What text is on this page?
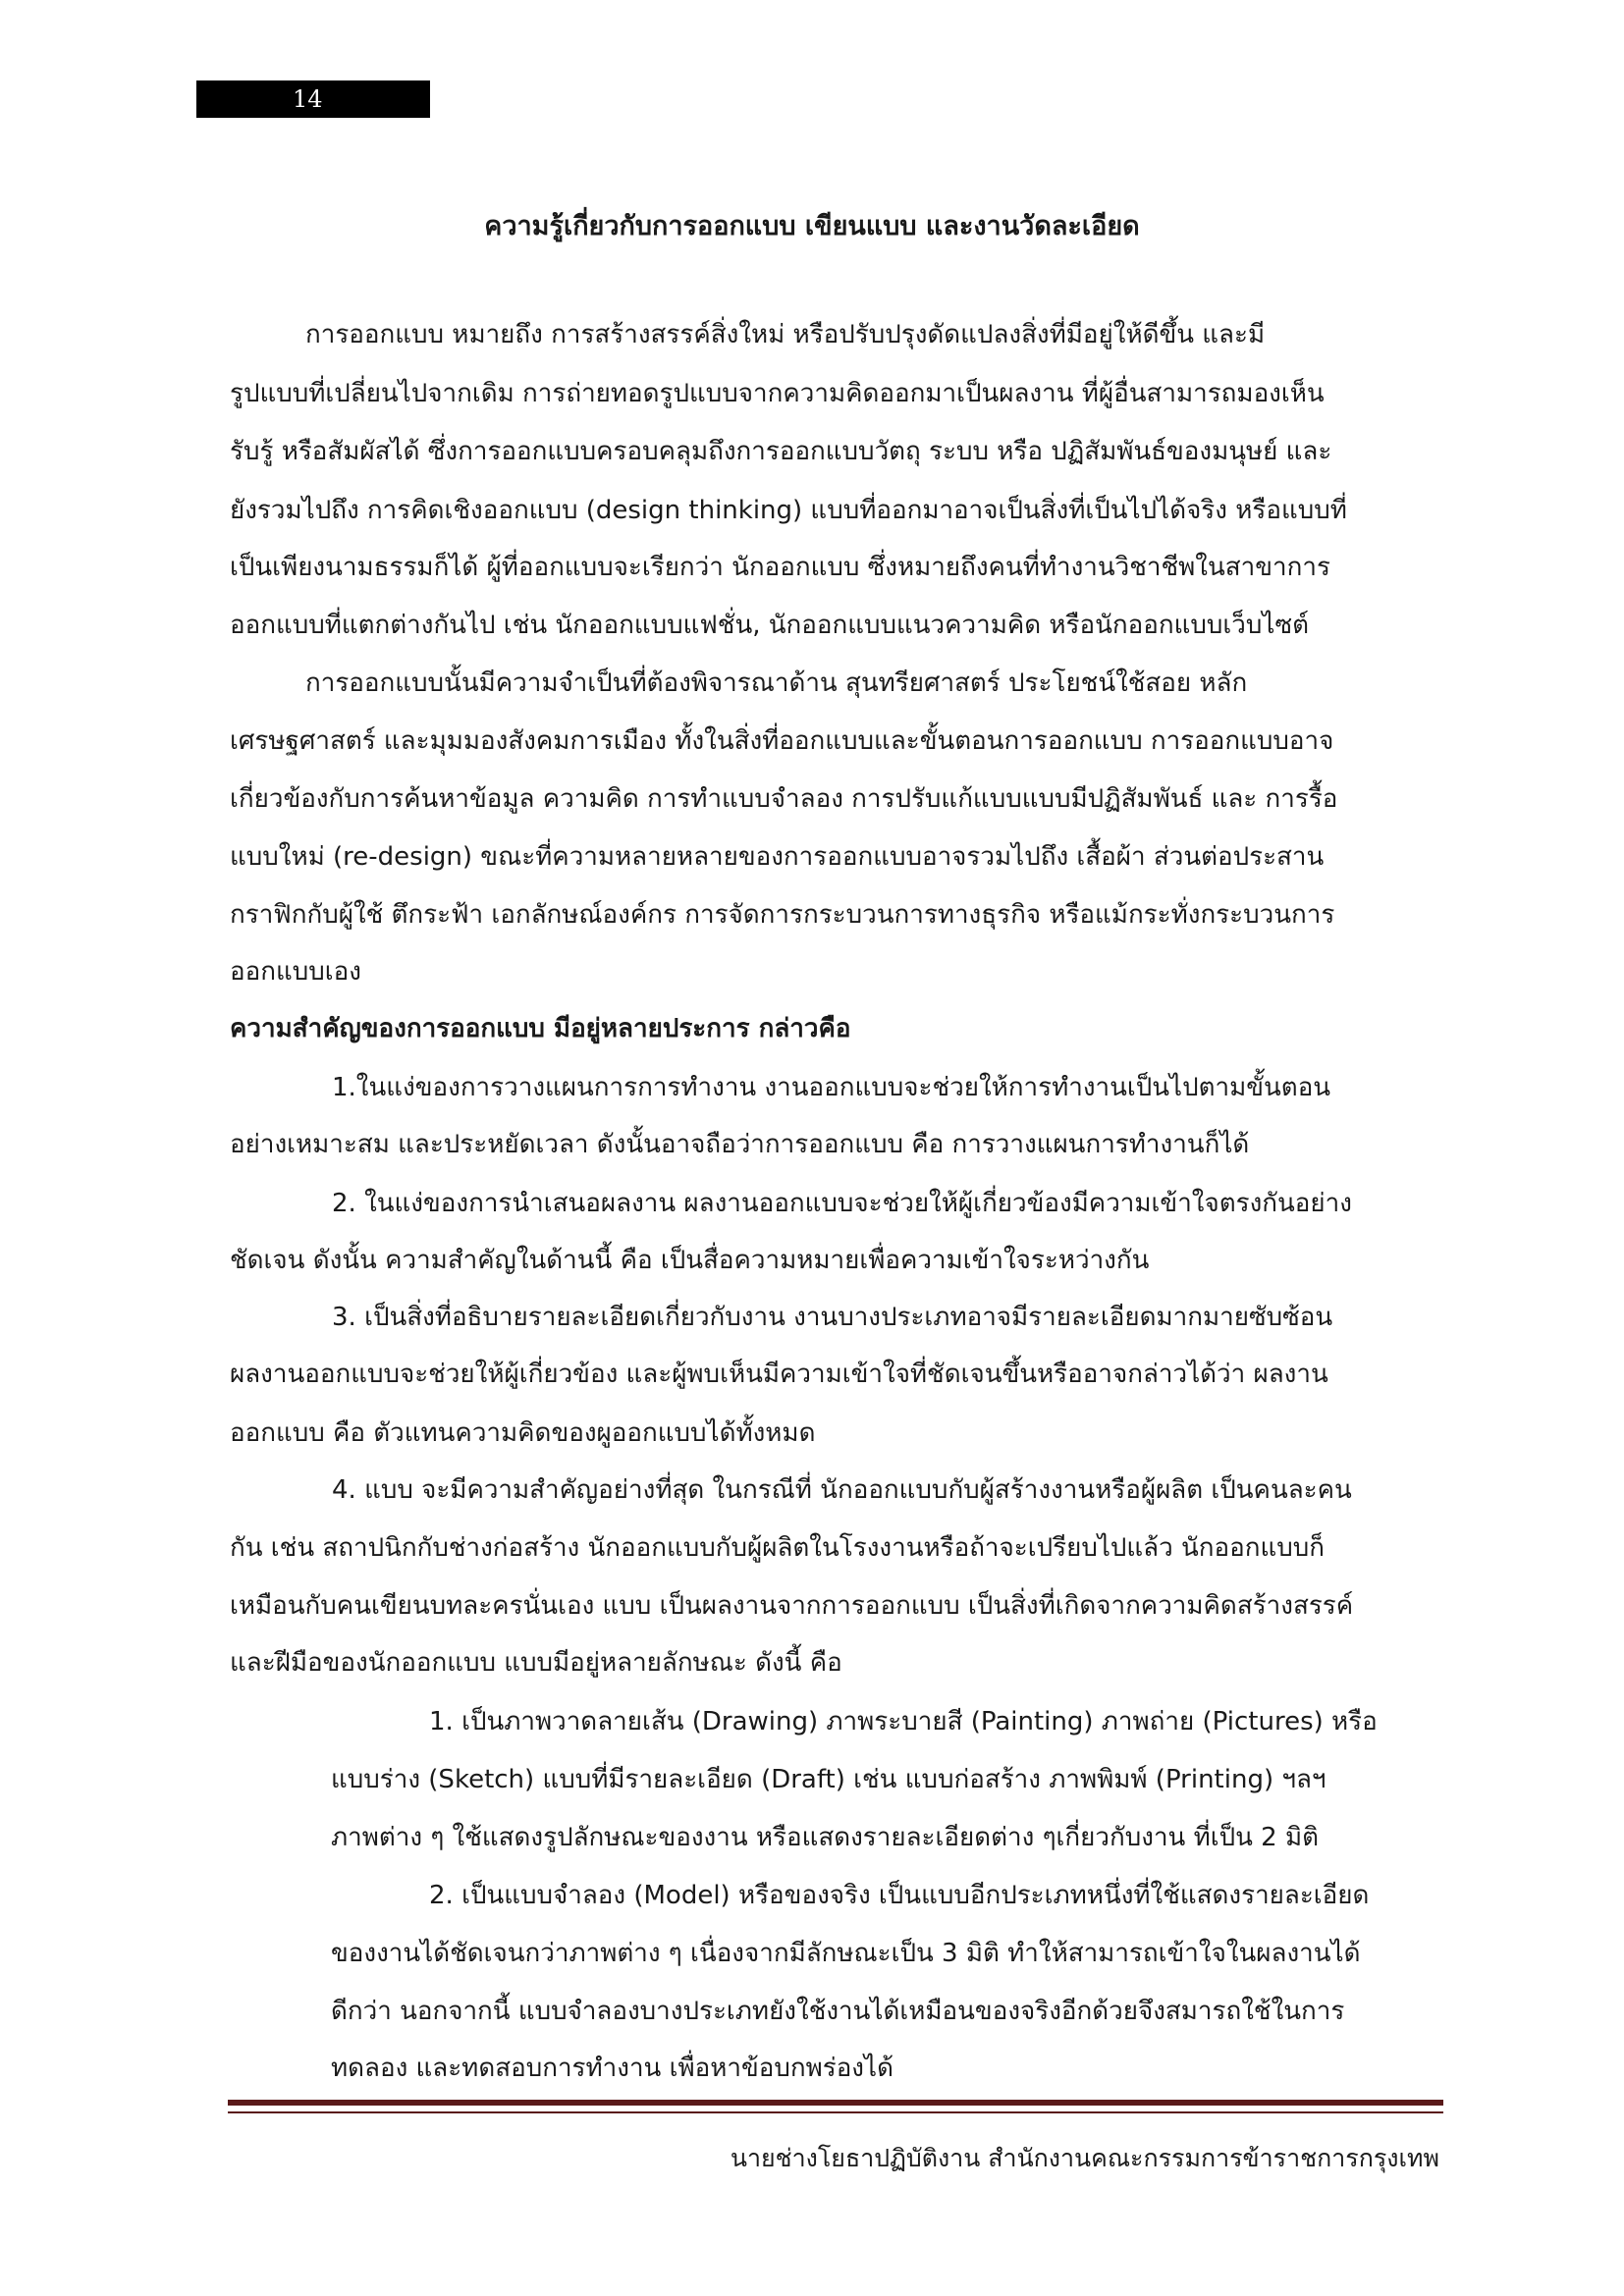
14
ความรู้เกี่ยวกับการออกแบบ เขียนแบบ และงานวัดละเอียด
การออกแบบ หมายถึง การสร้างสรรค์สิ่งใหม่ หรือปรับปรุงดัดแปลงสิ่งที่มีอยู่ให้ดีขึ้น และมี
รูปแบบที่เปลี่ยนไปจากเดิม การถ่ายทอดรูปแบบจากความคิดออกมาเป็นผลงาน ที่ผู้อื่นสามารถมองเห็น
รับรู้ หรือสัมผัสได้ ซึ่งการออกแบบครอบคลุมถึงการออกแบบวัตถุ ระบบ หรือ ปฏิสัมพันธ์ของมนุษย์ และ
ยังรวมไปถึง การคิดเชิงออกแบบ (design thinking) แบบที่ออกมาอาจเป็นสิ่งที่เป็นไปได้จริง หรือแบบที่
เป็นเพียงนามธรรมก็ได้ ผู้ที่ออกแบบจะเรียกว่า นักออกแบบ ซึ่งหมายถึงคนที่ทำงานวิชาชีพในสาขาการ
ออกแบบที่แตกต่างกันไป เช่น นักออกแบบแฟชั่น, นักออกแบบแนวความคิด หรือนักออกแบบเว็บไซต์
การออกแบบนั้นมีความจำเป็นที่ต้องพิจารณาด้าน สุนทรียศาสตร์ ประโยชน์ใช้สอย หลัก
เศรษฐศาสตร์ และมุมมองสังคมการเมือง ทั้งในสิ่งที่ออกแบบและขั้นตอนการออกแบบ การออกแบบอาจ
เกี่ยวข้องกับการค้นหาข้อมูล ความคิด การทำแบบจำลอง การปรับแก้แบบแบบมีปฏิสัมพันธ์ และ การรื้อ
แบบใหม่ (re-design) ขณะที่ความหลายหลายของการออกแบบอาจรวมไปถึง เสื้อผ้า ส่วนต่อประสาน
กราฟิกกับผู้ใช้ ตึกระฟ้า เอกลักษณ์องค์กร การจัดการกระบวนการทางธุรกิจ หรือแม้กระทั่งกระบวนการ
ออกแบบเอง
ความสำคัญของการออกแบบ มีอยู่หลายประการ กล่าวคือ
1.ในแง่ของการวางแผนการการทำงาน งานออกแบบจะช่วยให้การทำงานเป็นไปตามขั้นตอน
อย่างเหมาะสม และประหยัดเวลา ดังนั้นอาจถือว่าการออกแบบ คือ การวางแผนการทำงานก็ได้
2. ในแง่ของการนำเสนอผลงาน ผลงานออกแบบจะช่วยให้ผู้เกี่ยวข้องมีความเข้าใจตรงกันอย่าง
ชัดเจน ดังนั้น ความสำคัญในด้านนี้ คือ เป็นสื่อความหมายเพื่อความเข้าใจระหว่างกัน
3. เป็นสิ่งที่อธิบายรายละเอียดเกี่ยวกับงาน งานบางประเภทอาจมีรายละเอียดมากมายซับซ้อน
ผลงานออกแบบจะช่วยให้ผู้เกี่ยวข้อง และผู้พบเห็นมีความเข้าใจที่ชัดเจนขึ้นหรืออาจกล่าวได้ว่า ผลงาน
ออกแบบ คือ ตัวแทนความคิดของผูออกแบบได้ทั้งหมด
4. แบบ จะมีความสำคัญอย่างที่สุด ในกรณีที่ นักออกแบบกับผู้สร้างงานหรือผู้ผลิต เป็นคนละคน
กัน เช่น สถาปนิกกับช่างก่อสร้าง นักออกแบบกับผู้ผลิตในโรงงานหรือถ้าจะเปรียบไปแล้ว นักออกแบบก็
เหมือนกับคนเขียนบทละครนั่นเอง แบบ เป็นผลงานจากการออกแบบ เป็นสิ่งที่เกิดจากความคิดสร้างสรรค์
และฝีมือของนักออกแบบ แบบมีอยู่หลายลักษณะ ดังนี้ คือ
1. เป็นภาพวาดลายเส้น (Drawing) ภาพระบายสี (Painting) ภาพถ่าย (Pictures) หรือ
แบบร่าง (Sketch) แบบที่มีรายละเอียด (Draft) เช่น แบบก่อสร้าง ภาพพิมพ์ (Printing) ฯลฯ
ภาพต่าง ๆ ใช้แสดงรูปลักษณะของงาน หรือแสดงรายละเอียดต่าง ๆเกี่ยวกับงาน ที่เป็น 2 มิติ
2. เป็นแบบจำลอง (Model) หรือของจริง เป็นแบบอีกประเภทหนึ่งที่ใช้แสดงรายละเอียด
ของงานได้ชัดเจนกว่าภาพต่าง ๆ เนื่องจากมีลักษณะเป็น 3 มิติ ทำให้สามารถเข้าใจในผลงานได้
ดีกว่า นอกจากนี้ แบบจำลองบางประเภทยังใช้งานได้เหมือนของจริงอีกด้วยจึงสมารถใช้ในการ
ทดลอง และทดสอบการทำงาน เพื่อหาข้อบกพร่องได้
นายช่างโยธาปฏิบัติงาน สำนักงานคณะกรรมการข้าราชการกรุงเทพ
